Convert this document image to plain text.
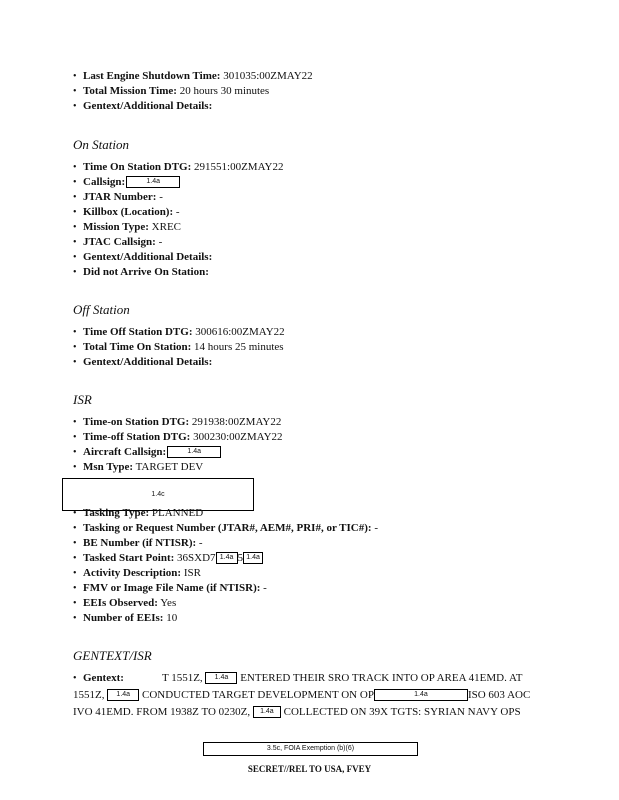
• Last Engine Shutdown Time: 301035:00ZMAY22
• Total Mission Time: 20 hours 30 minutes
• Gentext/Additional Details:
On Station
• Time On Station DTG: 291551:00ZMAY22
• Callsign:	1.4a
• JTAR Number: -
• Killbox (Location): -
• Mission Type: XREC
• JTAC Callsign: -
• Gentext/Additional Details:
• Did not Arrive On Station:
Off Station
• Time Off Station DTG: 300616:00ZMAY22
• Total Time On Station: 14 hours 25 minutes
• Gentext/Additional Details:
ISR
• Time-on Station DTG: 291938:00ZMAY22
• Time-off Station DTG: 300230:00ZMAY22
• Aircraft Callsign:	1.4a
• Msn Type: TARGET DEV
1.4c
• Tasking Type: PLANNED
• Tasking or Request Number (JTAR#, AEM#, PRI#, or TIC#): -
• BE Number (if NTISR): -
• Tasked Start Point: 36SXD7 1.4a 5 1.4a
• Activity Description: ISR
• FMV or Image File Name (if NTISR): -
• EEIs Observed: Yes
• Number of EEIs: 10
GENTEXT/ISR
• Gentext:	T 1551Z, 1.4a ENTERED THEIR SRO TRACK INTO OP AREA 41EMD. AT
1551Z, 1.4a CONDUCTED TARGET DEVELOPMENT ON OP	1.4a	ISO 603 AOC
IVO 41EMD. FROM 1938Z TO 0230Z, 1.4a COLLECTED ON 39X TGTS: SYRIAN NAVY OPS
3.5c, FOIA Exemption (b)(6)
SECRET//REL TO USA, FVEY
